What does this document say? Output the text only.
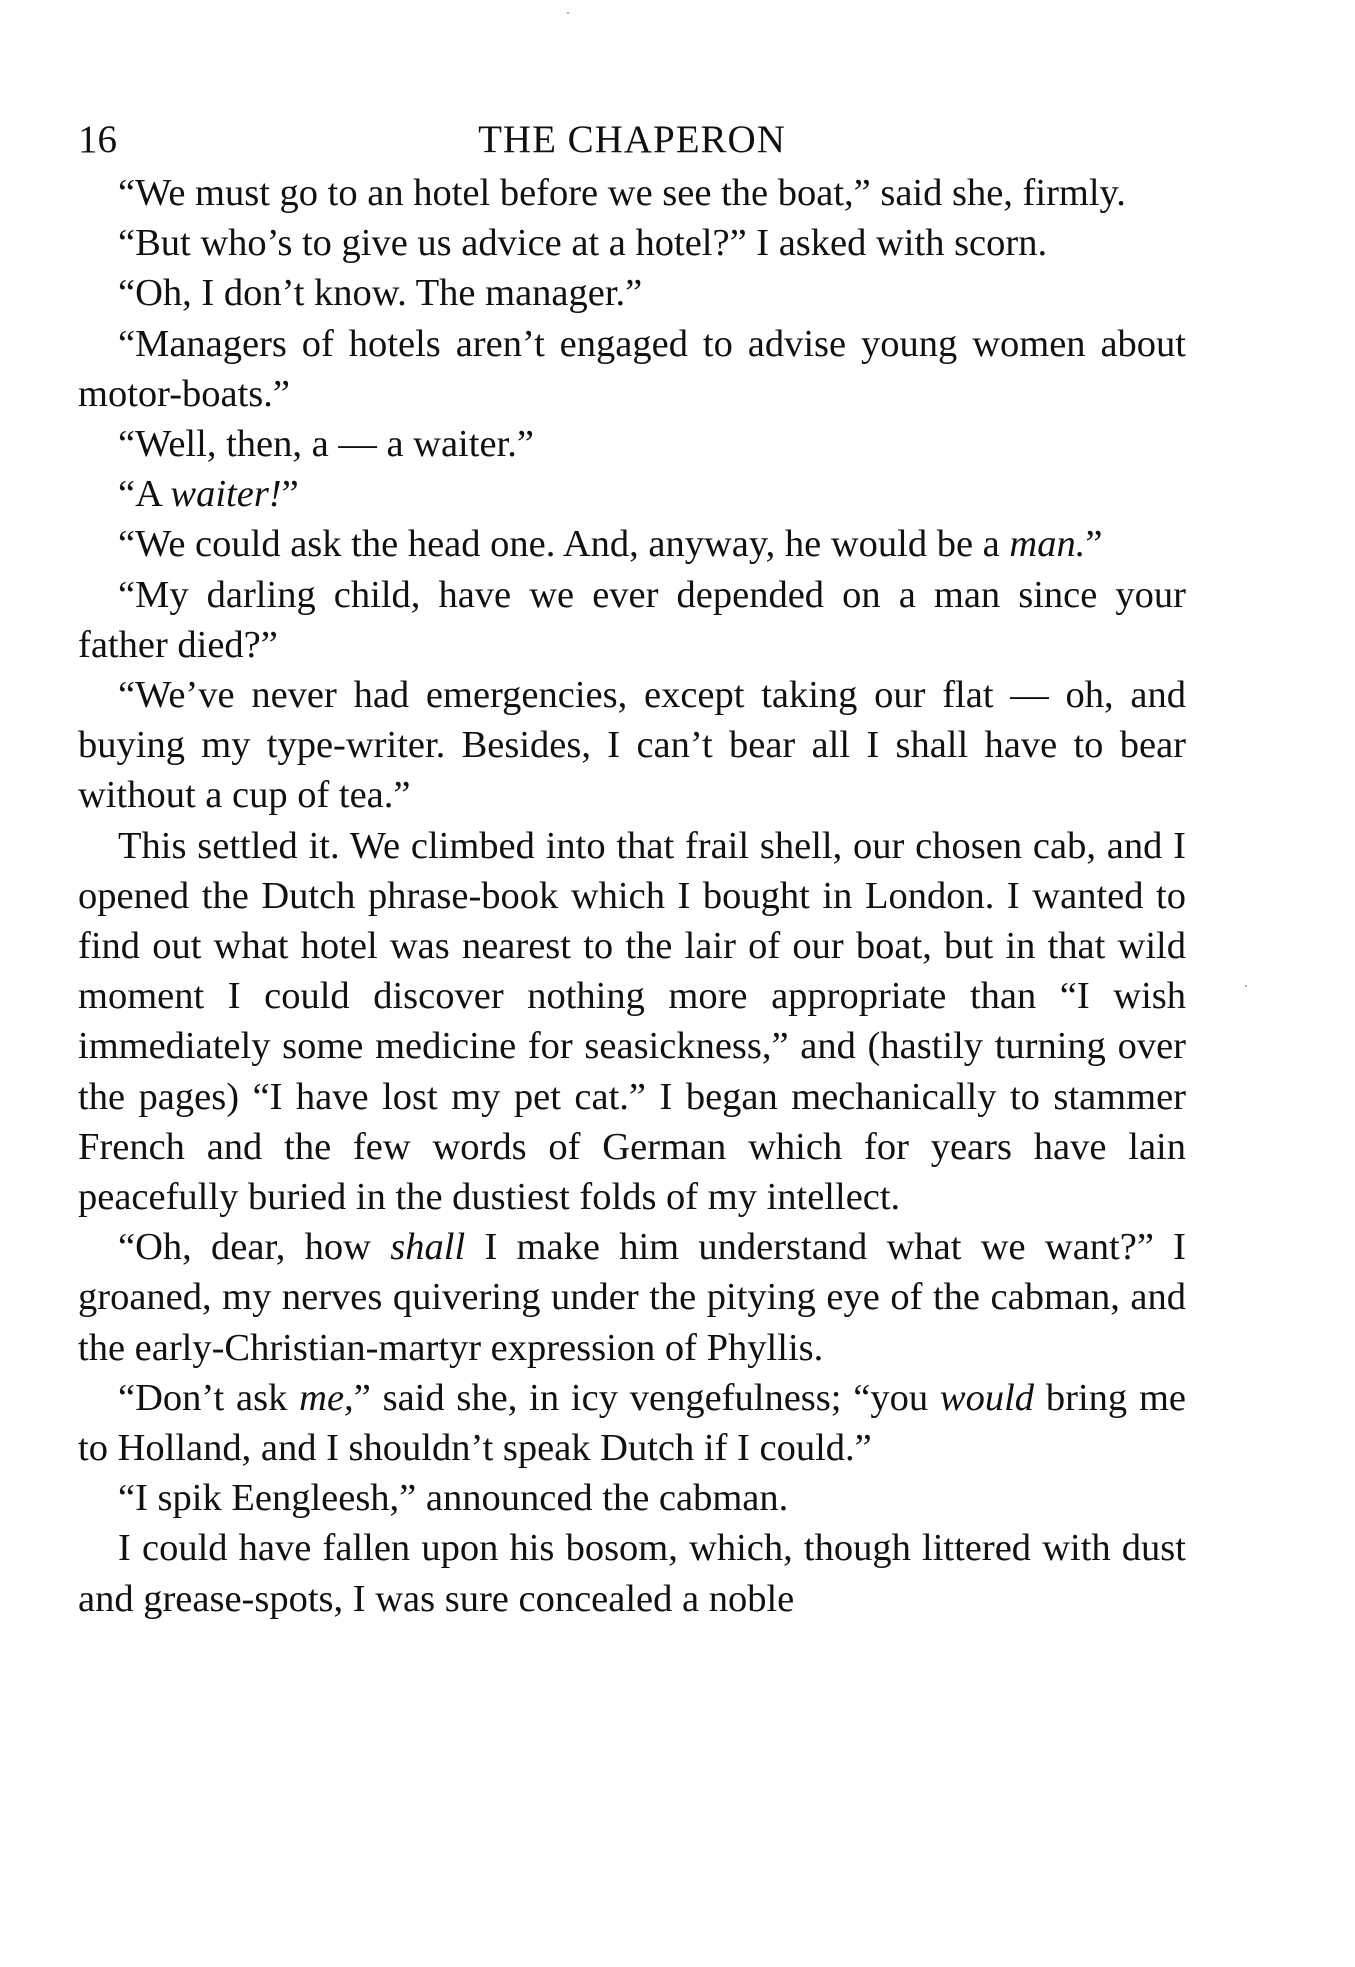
16	THE CHAPERON

“We must go to an hotel before we see the boat,” said she, firmly.

“But who’s to give us advice at a hotel?” I asked with scorn.

“Oh, I don’t know. The manager.”

“Managers of hotels aren’t engaged to advise young women about motor-boats.”

“Well, then, a — a waiter.”

“A waiter!”

“We could ask the head one. And, anyway, he would be a man.”

“My darling child, have we ever depended on a man since your father died?”

“We’ve never had emergencies, except taking our flat — oh, and buying my type-writer. Besides, I can’t bear all I shall have to bear without a cup of tea.”

This settled it. We climbed into that frail shell, our chosen cab, and I opened the Dutch phrase-book which I bought in London. I wanted to find out what hotel was nearest to the lair of our boat, but in that wild moment I could discover nothing more appropriate than “I wish immediately some medicine for seasickness,” and (hastily turning over the pages) “I have lost my pet cat.” I began mechanically to stammer French and the few words of German which for years have lain peacefully buried in the dustiest folds of my intellect.

“Oh, dear, how shall I make him understand what we want?” I groaned, my nerves quivering under the pitying eye of the cabman, and the early-Christian-martyr expression of Phyllis.

“Don’t ask me,” said she, in icy vengefulness; “you would bring me to Holland, and I shouldn’t speak Dutch if I could.”

“I spik Eengleesh,” announced the cabman.

I could have fallen upon his bosom, which, though littered with dust and grease-spots, I was sure concealed a noble
